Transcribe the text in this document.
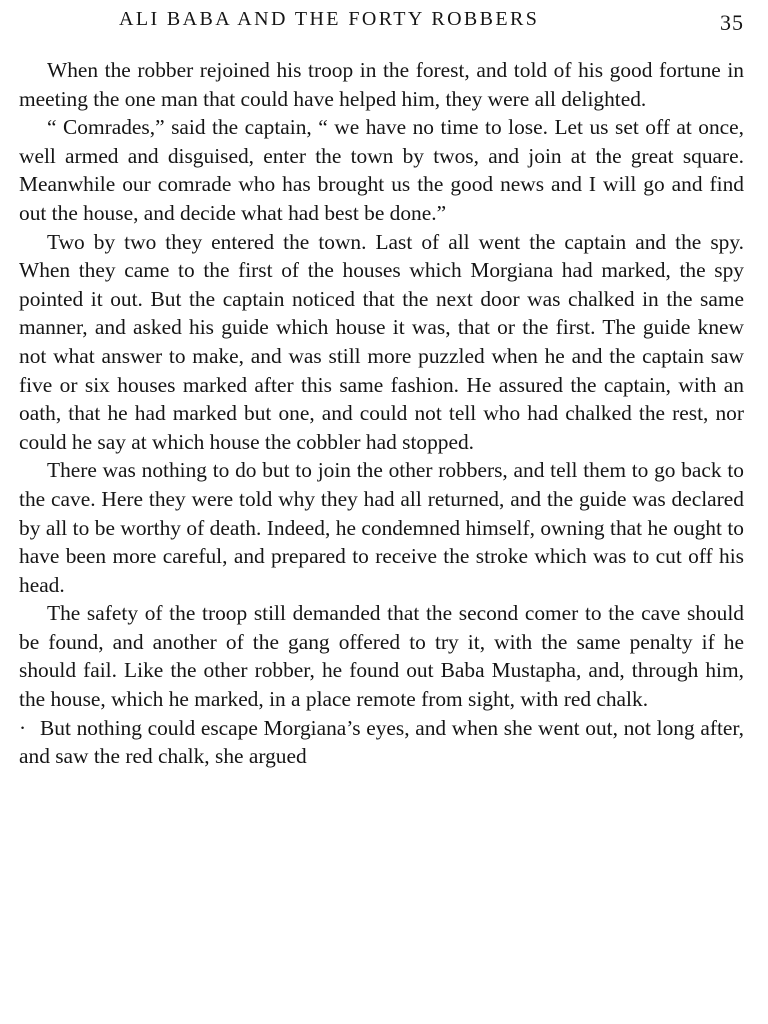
ALI BABA AND THE FORTY ROBBERS	35

When the robber rejoined his troop in the forest, and told of his good fortune in meeting the one man that could have helped him, they were all delighted.

“ Comrades,” said the captain, “ we have no time to lose. Let us set off at once, well armed and disguised, enter the town by twos, and join at the great square. Meanwhile our comrade who has brought us the good news and I will go and find out the house, and decide what had best be done.”

Two by two they entered the town. Last of all went the captain and the spy. When they came to the first of the houses which Morgiana had marked, the spy pointed it out. But the captain noticed that the next door was chalked in the same manner, and asked his guide which house it was, that or the first. The guide knew not what answer to make, and was still more puzzled when he and the captain saw five or six houses marked after this same fashion. He assured the captain, with an oath, that he had marked but one, and could not tell who had chalked the rest, nor could he say at which house the cobbler had stopped.

There was nothing to do but to join the other robbers, and tell them to go back to the cave. Here they were told why they had all returned, and the guide was declared by all to be worthy of death. Indeed, he condemned himself, owning that he ought to have been more careful, and prepared to receive the stroke which was to cut off his head.

The safety of the troop still demanded that the second comer to the cave should be found, and another of the gang offered to try it, with the same penalty if he should fail. Like the other robber, he found out Baba Mustapha, and, through him, the house, which he marked, in a place remote from sight, with red chalk.

· But nothing could escape Morgiana’s eyes, and when she went out, not long after, and saw the red chalk, she argued
